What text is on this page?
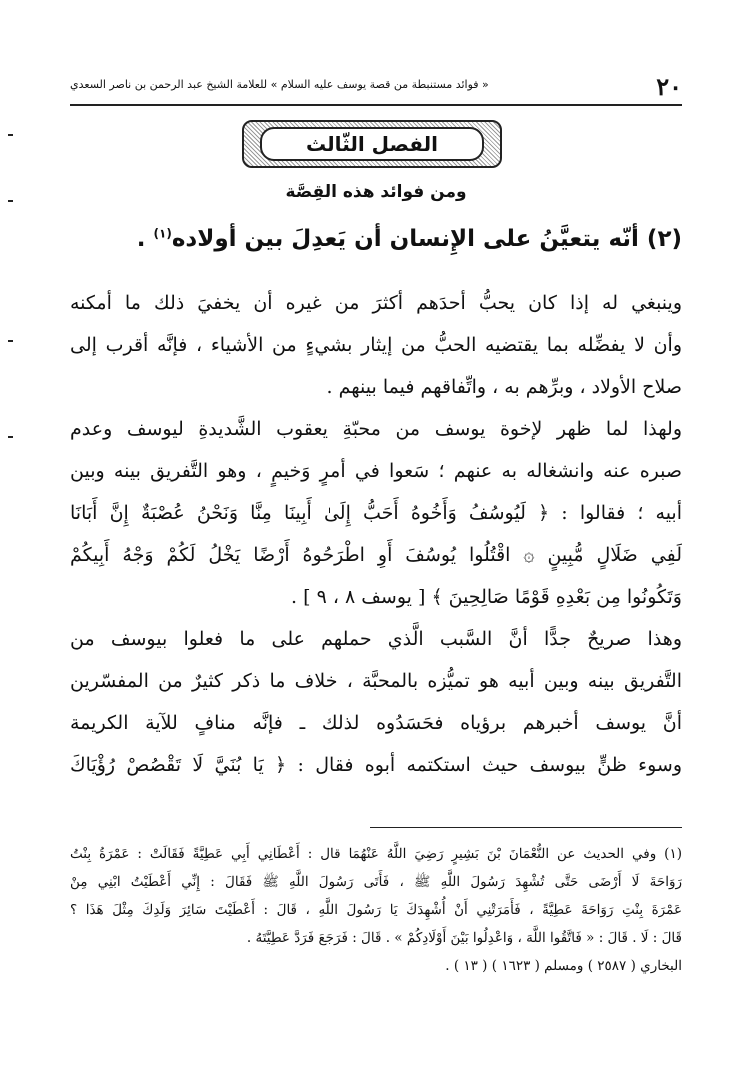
٢٠
« فوائد مستنبطة من قصة يوسف عليه السلام » للعلامة الشيخ عبد الرحمن بن ناصر السعدي
الفصل الثّالث
ومن فوائد هذه القِصَّة
(٢) أنّه يتعيَّنُ على الإِنسان أن يَعدِلَ بين أولاده$^{(١)}$ .
وينبغي له إذا كان يحبُّ أحدَهم أكثرَ من غيره أن يخفيَ ذلك ما أمكنه
وأن لا يفضِّله بما يقتضيه الحبُّ من إيثار بشيءٍ من الأشياء ، فإنَّه أقرب إلى
صلاح الأولاد ، وبرِّهم به ، واتِّفاقهم فيما بينهم .
ولهذا لما ظهر لإخوة يوسف من محبّةِ يعقوب الشَّديدةِ ليوسف وعدم
صبره عنه وانشغاله به عنهم ؛ سَعوا في أمرٍ وَخيمٍ ، وهو التَّفريق بينه وبين
أبيه ؛ فقالوا : ﴿ لَيُوسُفُ وَأَخُوهُ أَحَبُّ إِلَىٰ أَبِينَا مِنَّا وَنَحْنُ عُصْبَةٌ إِنَّ أَبَانَا
لَفِي ضَلَالٍ مُّبِينٍ ۞ اقْتُلُوا يُوسُفَ أَوِ اطْرَحُوهُ أَرْضًا يَخْلُ لَكُمْ وَجْهُ أَبِيكُمْ
وَتَكُونُوا مِن بَعْدِهِ قَوْمًا صَالِحِينَ ﴾ [ يوسف ٨ ، ٩ ] .
وهذا صريحٌ جدًّا أنَّ السَّبب الَّذي حملهم على ما فعلوا بيوسف من
التَّفريق بينه وبين أبيه هو تميُّزه بالمحبَّة ، خلاف ما ذكر كثيرٌ من المفسّرين
أنَّ يوسف أخبرهم برؤياه فحَسَدُوه لذلك ـ فإنَّه منافٍ للآية الكريمة
وسوء ظنٍّ بيوسف حيث استكتمه أبوه فقال : ﴿ يَا بُنَيَّ لَا تَقْصُصْ رُؤْيَاكَ
(١) وفي الحديث عن النُّعْمَانَ بْنَ بَشِيرٍ رَضِيَ اللَّهُ عَنْهُمَا قال : أَعْطَانِي أَبِي عَطِيَّةً فَقَالَتْ : عَمْرَةُ بِنْتُ
رَوَاحَةَ لَا أَرْضَى حَتَّى تُشْهِدَ رَسُولَ اللَّهِ ﷺ ، فَأَتَى رَسُولَ اللَّهِ ﷺ فَقَالَ : إِنِّي أَعْطَيْتُ ابْنِي مِنْ
عَمْرَةَ بِنْتِ رَوَاحَةَ عَطِيَّةً ، فَأَمَرَتْنِي أَنْ أُشْهِدَكَ يَا رَسُولَ اللَّهِ ، قَالَ : أَعْطَيْتَ سَائِرَ وَلَدِكَ مِثْلَ هَذَا ؟
قَالَ : لَا . قَالَ : « فَاتَّقُوا اللَّهَ ، وَاعْدِلُوا بَيْنَ أَوْلَادِكُمْ » . قَالَ : فَرَجَعَ فَرَدَّ عَطِيَّتَهُ .
البخاري ( ٢٥٨٧ ) ومسلم ( ١٦٢٣ ) ( ١٣ ) .
